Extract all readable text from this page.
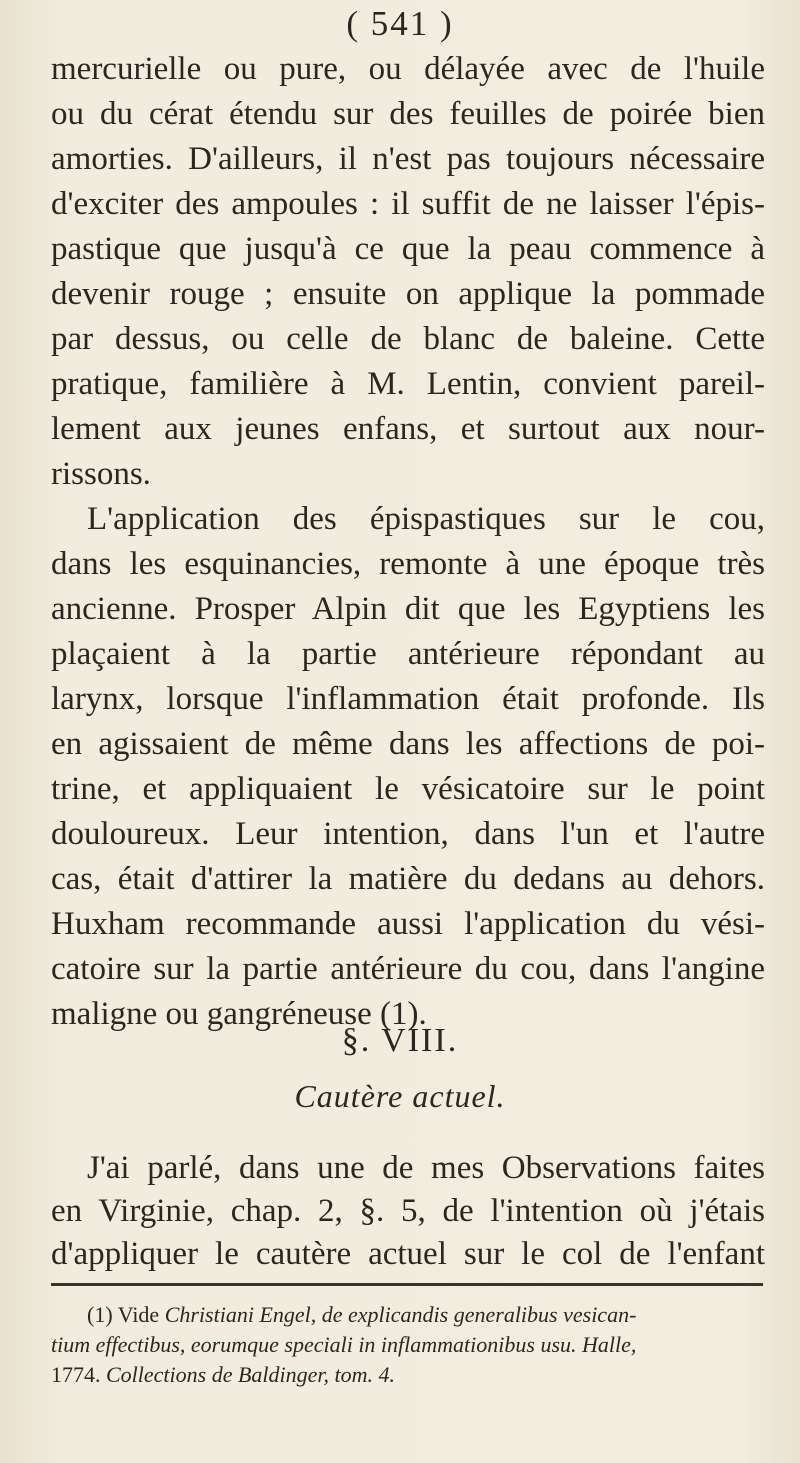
( 541 )
mercurielle ou pure, ou délayée avec de l'huile
ou du cérat étendu sur des feuilles de poirée bien
amorties. D'ailleurs, il n'est pas toujours nécessaire
d'exciter des ampoules : il suffit de ne laisser l'épis-
pastique que jusqu'à ce que la peau commence à
devenir rouge ; ensuite on applique la pommade
par dessus, ou celle de blanc de baleine. Cette
pratique, familière à M. Lentin, convient pareil-
lement aux jeunes enfans, et surtout aux nour-
rissons.
L'application des épispastiques sur le cou,
dans les esquinancies, remonte à une époque très
ancienne. Prosper Alpin dit que les Egyptiens les
plaçaient à la partie antérieure répondant au
larynx, lorsque l'inflammation était profonde. Ils
en agissaient de même dans les affections de poi-
trine, et appliquaient le vésicatoire sur le point
douloureux. Leur intention, dans l'un et l'autre
cas, était d'attirer la matière du dedans au dehors.
Huxham recommande aussi l'application du vési-
catoire sur la partie antérieure du cou, dans l'angine
maligne ou gangréneuse (1).
§. VIII.
Cautère actuel.
J'ai parlé, dans une de mes Observations faites
en Virginie, chap. 2, §. 5, de l'intention où j'étais
d'appliquer le cautère actuel sur le col de l'enfant
(1) Vide Christiani Engel, de explicandis generalibus vesican-
tium effectibus, eorumque speciali in inflammationibus usu. Halle,
1774. Collections de Baldinger, tom. 4.
